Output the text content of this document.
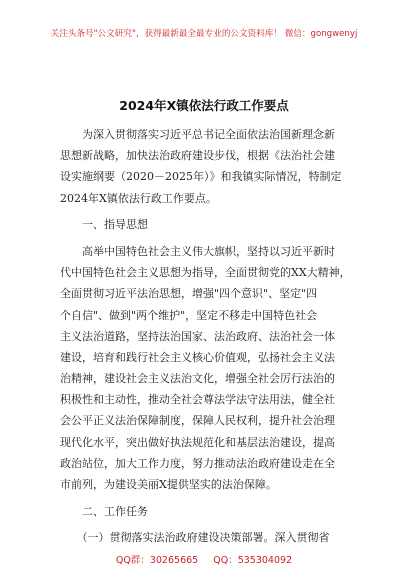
关注头条号"公文研究"，获得最新最全最专业的公文资料库！ 微信：gongwenyj
2024年X镇依法行政工作要点
　　为深入贯彻落实习近平总书记全面依法治国新理念新
思想新战略，加快法治政府建设步伐，根据《法治社会建
设实施纲要（2020－2025年）》和我镇实际情况，特制定
2024年X镇依法行政工作要点。
　　一、指导思想
　　高举中国特色社会主义伟大旗帜，坚持以习近平新时
代中国特色社会主义思想为指导，全面贯彻党的XX大精神，
全面贯彻习近平法治思想，增强"四个意识"、坚定"四
个自信"、做到"两个维护"，坚定不移走中国特色社会
主义法治道路，坚持法治国家、法治政府、法治社会一体
建设，培育和践行社会主义核心价值观，弘扬社会主义法
治精神，建设社会主义法治文化，增强全社会厉行法治的
积极性和主动性，推动全社会尊法学法守法用法，健全社
会公平正义法治保障制度，保障人民权利，提升社会治理
现代化水平，突出做好执法规范化和基层法治建设，提高
政治站位，加大工作力度，努力推动法治政府建设走在全
市前列，为建设美丽X提供坚实的法治保障。
　　二、工作任务
　　（一）贯彻落实法治政府建设决策部署。深入贯彻省
QQ群：30265665 QQ：535304092
